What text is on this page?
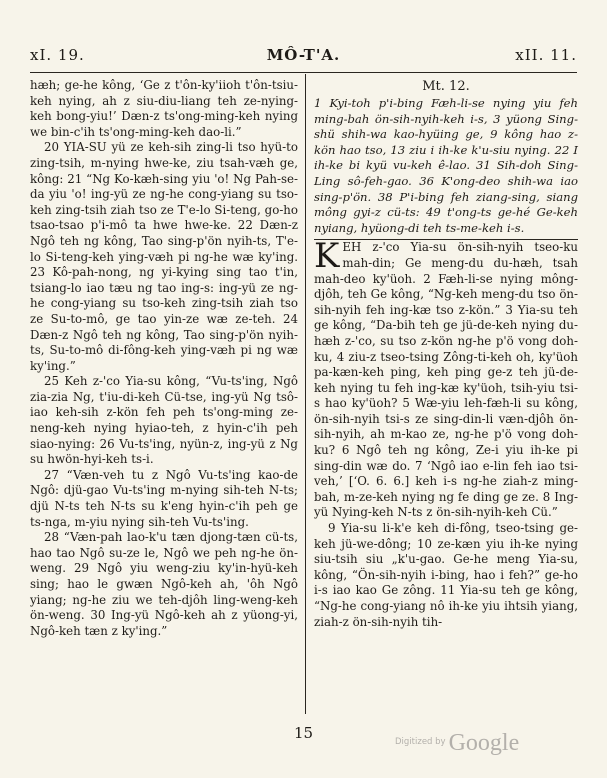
xI. 19.	MÔ-T'A.	xII. 11.

hæh; ge-he kông, ‘Ge z t'ôn-ky'iioh t'ôn-tsiu-keh nying, ah z siu-diu-liang teh ze-nying-keh bong-yiu!’ Dæn-z ts'ong-ming-keh nying we bin-c'ih ts'ong-ming-keh dao-li.”

20 YIA-SU yü ze keh-sih zing-li tso hyü-to zing-tsih, m-nying hwe-ke, ziu tsah-væh ge, kông: 21 “Ng Ko-kæh-sing yiu 'o! Ng Pah-se-da yiu 'o! ing-yü ze ng-he cong-yiang su tso-keh zing-tsih ziah tso ze T'e-lo Si-teng, go-ho tsao-tsao p'i-mô ta hwe hwe-ke. 22 Dæn-z Ngô teh ng kông, Tao sing-p'ön nyih-ts, T'e-lo Si-teng-keh ying-væh pi ng-he wæ ky'ing. 23 Kô-pah-nong, ng yi-kying sing tao t'in, tsiang-lo iao tæu ng tao ing-s: ing-yü ze ng-he cong-yiang su tso-keh zing-tsih ziah tso ze Su-to-mô, ge tao yin-ze wæ ze-teh. 24 Dæn-z Ngô teh ng kông, Tao sing-p'ön nyih-ts, Su-to-mô di-fông-keh ying-væh pi ng wæ ky'ing.”

25 Keh z-'co Yia-su kông, “Vu-ts'ing, Ngô zia-zia Ng, t'iu-di-keh Cü-tse, ing-yü Ng tsô-iao keh-sih z-kön feh peh ts'ong-ming ze-neng-keh nying hyiao-teh, z hyin-c'ih peh siao-nying: 26 Vu-ts'ing, nyün-z, ing-yü z Ng su hwön-hyi-keh ts-i.

27 “Væn-veh tu z Ngô Vu-ts'ing kao-de Ngô: djü-gao Vu-ts'ing m-nying sih-teh N-ts; djü N-ts teh N-ts su k'eng hyin-c'ih peh ge ts-nga, m-yiu nying sih-teh Vu-ts'ing.

28 “Væn-pah lao-k'u tæn djong-tæn cü-ts, hao tao Ngô su-ze le, Ngô we peh ng-he ön-weng. 29 Ngô yiu weng-ziu ky'in-hyü-keh sing; hao le gwæn Ngô-keh ah, 'ôh Ngô yiang; ng-he ziu we teh-djôh ling-weng-keh ön-weng. 30 Ing-yü Ngô-keh ah z yüong-yi, Ngô-keh tæn z ky'ing.”

Mt. 12.

1 Kyi-toh p'i-bing Fæh-li-se nying yiu feh ming-bah ön-sih-nyih-keh i-s, 3 yüong Sing-shü shih-wa kao-hyüing ge, 9 kông hao z-kön hao tso, 13 ziu i ih-ke k'u-siu nying. 22 I ih-ke bi kyü vu-keh ê-lao. 31 Sih-doh Sing-Ling sô-feh-gao. 36 K'ong-deo shih-wa iao sing-p'ön. 38 P'i-bing feh ziang-sing, siang mông gyi-z cü-ts: 49 t'ong-ts ge-hé Ge-keh nyiang, hyüong-di teh ts-me-keh i-s.

KEH z-'co Yia-su ön-sih-nyih tseo-ku mah-din; Ge meng-du du-hæh, tsah mah-deo ky'üoh. 2 Fæh-li-se nying mông-djôh, teh Ge kông, “Ng-keh meng-du tso ön-sih-nyih feh ing-kæ tso z-kön.” 3 Yia-su teh ge kông, “Da-bih teh ge jü-de-keh nying du-hæh z-'co, su tso z-kön ng-he p'ö vong doh-ku, 4 ziu-z tseo-tsing Zông-ti-keh oh, ky'üoh pa-kæn-keh ping, keh ping ge-z teh jü-de-keh nying tu feh ing-kæ ky'üoh, tsih-yiu tsi-s hao ky'üoh? 5 Wæ-yiu leh-fæh-li su kông, ön-sih-nyih tsi-s ze sing-din-li væn-djôh ön-sih-nyih, ah m-kao ze, ng-he p'ö vong doh-ku? 6 Ngô teh ng kông, Ze-i yiu ih-ke pi sing-din wæ do. 7 ‘Ngô iao e-lin feh iao tsi-veh,’ [‘O. 6. 6.] keh i-s ng-he ziah-z ming-bah, m-ze-keh nying ng fe ding ge ze. 8 Ing-yü Nying-keh N-ts z ön-sih-nyih-keh Cü.”

9 Yia-su li-k'e keh di-fông, tseo-tsing ge-keh jü-we-dông; 10 ze-kæn yiu ih-ke nying siu-tsih siu „k'u-gao. Ge-he meng Yia-su, kông, “Ön-sih-nyih i-bing, hao i feh?” ge-ho i-s iao kao Ge zông. 11 Yia-su teh ge kông, “Ng-he cong-yiang nô ih-ke yiu ihtsih yiang, ziah-z ön-sih-nyih tih-

15	$^{Digitized by}$ Google
